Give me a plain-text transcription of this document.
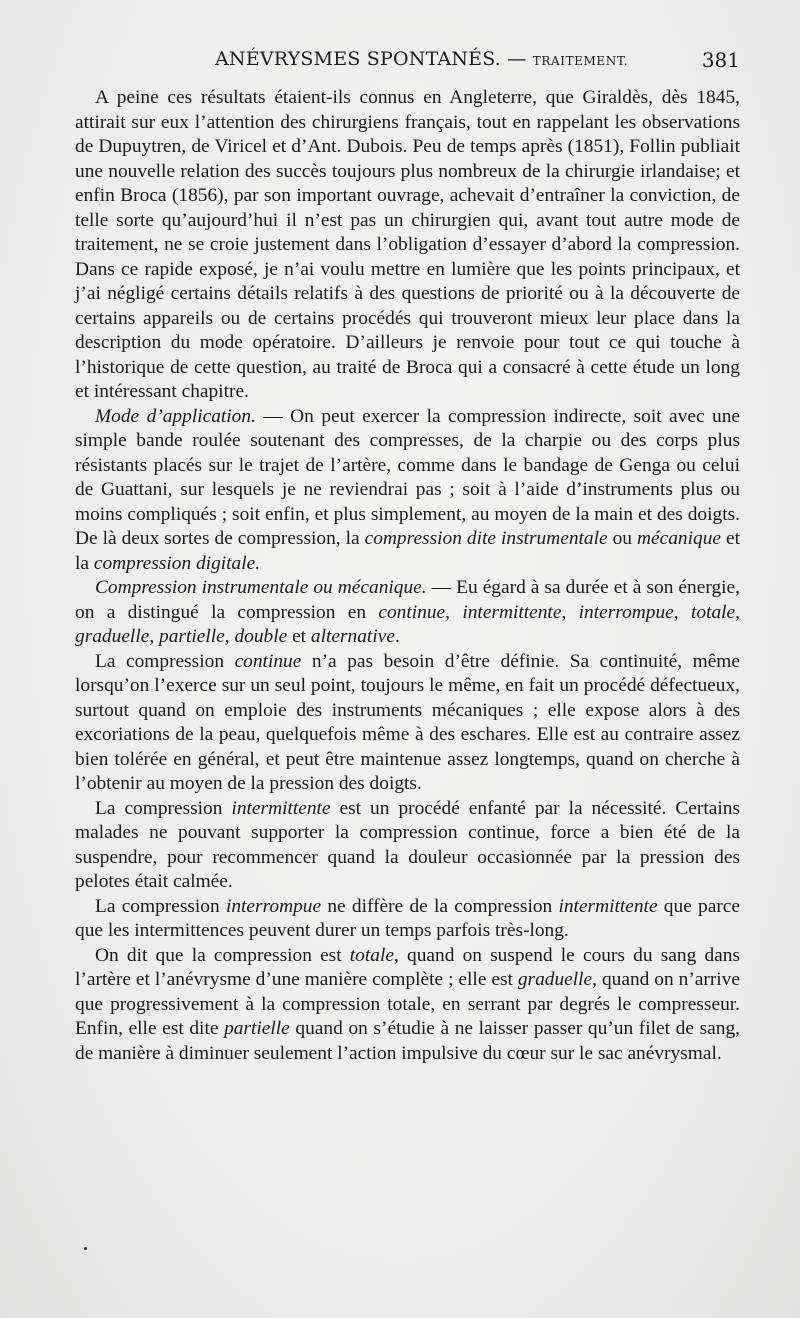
ANÉVRYSMES SPONTANÉS. — TRAITEMENT.	381

A peine ces résultats étaient-ils connus en Angleterre, que Giraldès, dès 1845, attirait sur eux l’attention des chirurgiens français, tout en rappelant les observations de Dupuytren, de Viricel et d’Ant. Dubois. Peu de temps après (1851), Follin publiait une nouvelle relation des succès toujours plus nombreux de la chirurgie irlandaise; et enfin Broca (1856), par son important ouvrage, achevait d’entraîner la conviction, de telle sorte qu’aujourd’hui il n’est pas un chirurgien qui, avant tout autre mode de traitement, ne se croie justement dans l’obligation d’essayer d’abord la compression. Dans ce rapide exposé, je n’ai voulu mettre en lumière que les points principaux, et j’ai négligé certains détails relatifs à des questions de priorité ou à la découverte de certains appareils ou de certains procédés qui trouveront mieux leur place dans la description du mode opératoire. D’ailleurs je renvoie pour tout ce qui touche à l’historique de cette question, au traité de Broca qui a consacré à cette étude un long et intéressant chapitre.

Mode d’application. — On peut exercer la compression indirecte, soit avec une simple bande roulée soutenant des compresses, de la charpie ou des corps plus résistants placés sur le trajet de l’artère, comme dans le bandage de Genga ou celui de Guattani, sur lesquels je ne reviendrai pas ; soit à l’aide d’instruments plus ou moins compliqués ; soit enfin, et plus simplement, au moyen de la main et des doigts. De là deux sortes de compression, la compression dite instrumentale ou mécanique et la compression digitale.

Compression instrumentale ou mécanique. — Eu égard à sa durée et à son énergie, on a distingué la compression en continue, intermittente, interrompue, totale, graduelle, partielle, double et alternative.

La compression continue n’a pas besoin d’être définie. Sa continuité, même lorsqu’on l’exerce sur un seul point, toujours le même, en fait un procédé défectueux, surtout quand on emploie des instruments mécaniques ; elle expose alors à des excoriations de la peau, quelquefois même à des eschares. Elle est au contraire assez bien tolérée en général, et peut être maintenue assez longtemps, quand on cherche à l’obtenir au moyen de la pression des doigts.

La compression intermittente est un procédé enfanté par la nécessité. Certains malades ne pouvant supporter la compression continue, force a bien été de la suspendre, pour recommencer quand la douleur occasionnée par la pression des pelotes était calmée.

La compression interrompue ne diffère de la compression intermittente que parce que les intermittences peuvent durer un temps parfois très-long.

On dit que la compression est totale, quand on suspend le cours du sang dans l’artère et l’anévrysme d’une manière complète ; elle est graduelle, quand on n’arrive que progressivement à la compression totale, en serrant par degrés le compresseur. Enfin, elle est dite partielle quand on s’étudie à ne laisser passer qu’un filet de sang, de manière à diminuer seulement l’action impulsive du cœur sur le sac anévrysmal.
